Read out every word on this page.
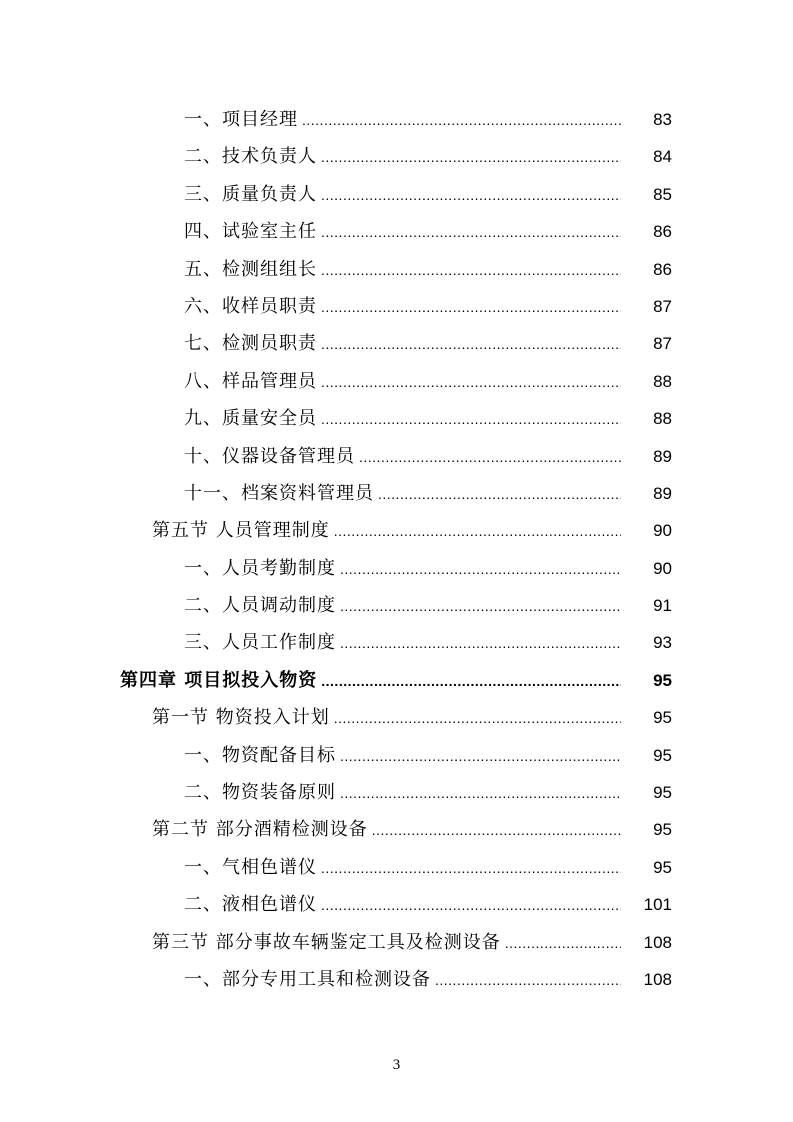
一、项目经理 .....	83
二、技术负责人 .....	84
三、质量负责人 .....	85
四、试验室主任 .....	86
五、检测组组长 .....	86
六、收样员职责 .....	87
七、检测员职责 .....	87
八、样品管理员 .....	88
九、质量安全员 .....	88
十、仪器设备管理员 .....	89
十一、档案资料管理员 .....	89
第五节 人员管理制度 .....	90
一、人员考勤制度 .....	90
二、人员调动制度 .....	91
三、人员工作制度 .....	93
第四章 项目拟投入物资 .....	95
第一节 物资投入计划 .....	95
一、物资配备目标 .....	95
二、物资装备原则 .....	95
第二节 部分酒精检测设备 .....	95
一、气相色谱仪 .....	95
二、液相色谱仪 .....	101
第三节 部分事故车辆鉴定工具及检测设备 .....	108
一、部分专用工具和检测设备 .....	108
3
